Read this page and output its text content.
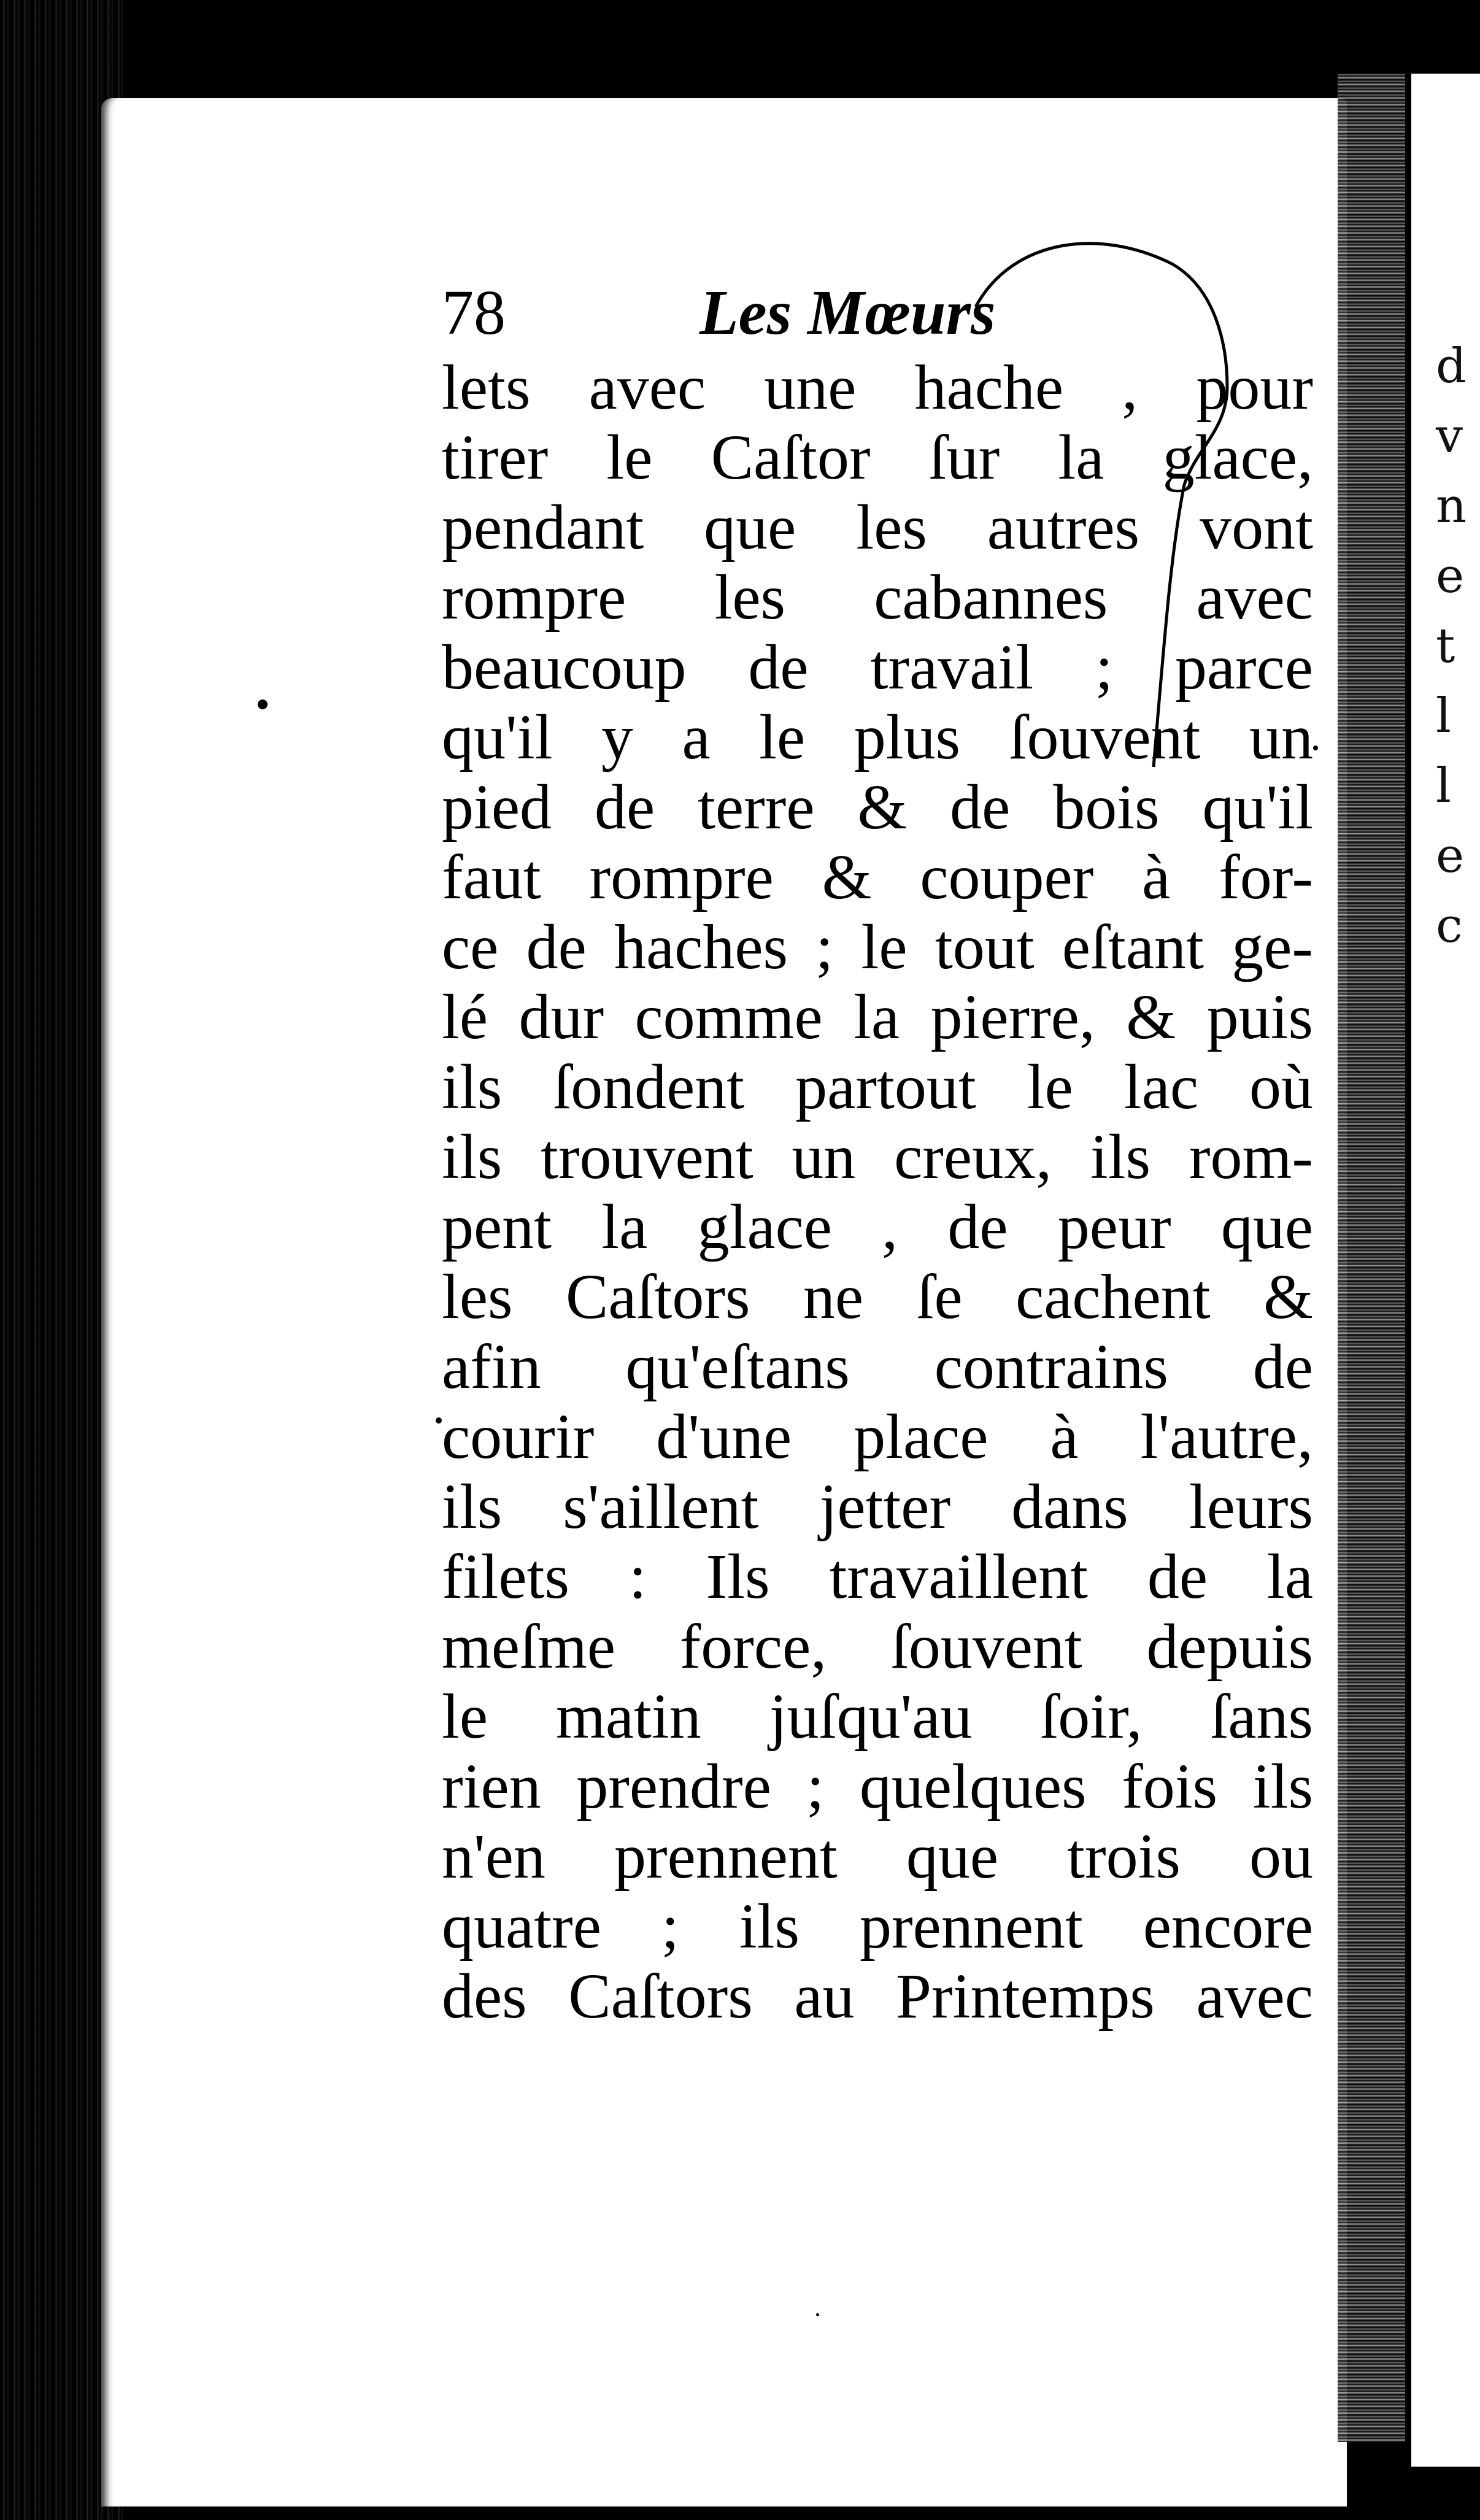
d
v
n
e
t
l
l
e
c
78	Les Mœurs
lets avec une hache , pour
tirer le Caſtor ſur la glace,
pendant que les autres vont
rompre les cabannes avec
beaucoup de travail ; parce
qu'il y a le plus ſouvent un
pied de terre & de bois qu'il
faut rompre & couper à for-
ce de haches ; le tout eſtant ge-
lé dur comme la pierre, & puis
ils ſondent partout le lac où
ils trouvent un creux, ils rom-
pent la glace , de peur que
les Caſtors ne ſe cachent &
afin qu'eſtans contrains de
courir d'une place à l'autre,
ils s'aillent jetter dans leurs
filets : Ils travaillent de la
meſme force, ſouvent depuis
le matin juſqu'au ſoir, ſans
rien prendre ; quelques fois ils
n'en prennent que trois ou
quatre ; ils prennent encore
des Caſtors au Printemps avec
